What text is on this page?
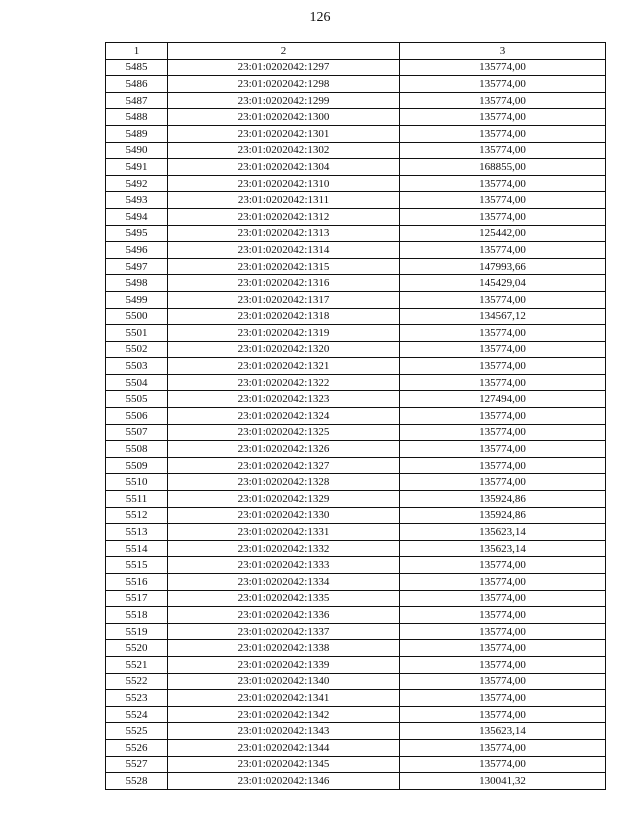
126
1	2	3
5485	23:01:0202042:1297	135774,00
5486	23:01:0202042:1298	135774,00
5487	23:01:0202042:1299	135774,00
5488	23:01:0202042:1300	135774,00
5489	23:01:0202042:1301	135774,00
5490	23:01:0202042:1302	135774,00
5491	23:01:0202042:1304	168855,00
5492	23:01:0202042:1310	135774,00
5493	23:01:0202042:1311	135774,00
5494	23:01:0202042:1312	135774,00
5495	23:01:0202042:1313	125442,00
5496	23:01:0202042:1314	135774,00
5497	23:01:0202042:1315	147993,66
5498	23:01:0202042:1316	145429,04
5499	23:01:0202042:1317	135774,00
5500	23:01:0202042:1318	134567,12
5501	23:01:0202042:1319	135774,00
5502	23:01:0202042:1320	135774,00
5503	23:01:0202042:1321	135774,00
5504	23:01:0202042:1322	135774,00
5505	23:01:0202042:1323	127494,00
5506	23:01:0202042:1324	135774,00
5507	23:01:0202042:1325	135774,00
5508	23:01:0202042:1326	135774,00
5509	23:01:0202042:1327	135774,00
5510	23:01:0202042:1328	135774,00
5511	23:01:0202042:1329	135924,86
5512	23:01:0202042:1330	135924,86
5513	23:01:0202042:1331	135623,14
5514	23:01:0202042:1332	135623,14
5515	23:01:0202042:1333	135774,00
5516	23:01:0202042:1334	135774,00
5517	23:01:0202042:1335	135774,00
5518	23:01:0202042:1336	135774,00
5519	23:01:0202042:1337	135774,00
5520	23:01:0202042:1338	135774,00
5521	23:01:0202042:1339	135774,00
5522	23:01:0202042:1340	135774,00
5523	23:01:0202042:1341	135774,00
5524	23:01:0202042:1342	135774,00
5525	23:01:0202042:1343	135623,14
5526	23:01:0202042:1344	135774,00
5527	23:01:0202042:1345	135774,00
5528	23:01:0202042:1346	130041,32
